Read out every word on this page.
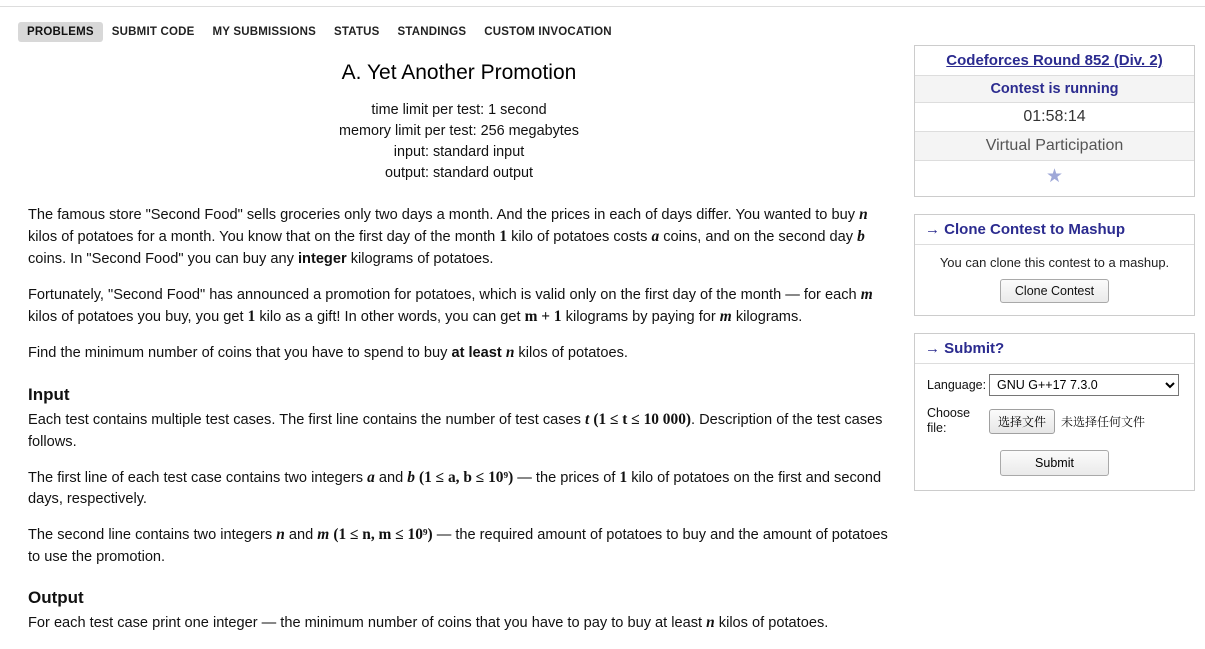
PROBLEMS	SUBMIT CODE	MY SUBMISSIONS	STATUS	STANDINGS	CUSTOM INVOCATION
A. Yet Another Promotion
time limit per test: 1 second
memory limit per test: 256 megabytes
input: standard input
output: standard output

The famous store "Second Food" sells groceries only two days a month. And the prices in each of days differ. You wanted to buy n kilos of potatoes for a month. You know that on the first day of the month 1 kilo of potatoes costs a coins, and on the second day b coins. In "Second Food" you can buy any integer kilograms of potatoes.

Fortunately, "Second Food" has announced a promotion for potatoes, which is valid only on the first day of the month — for each m kilos of potatoes you buy, you get 1 kilo as a gift! In other words, you can get m + 1 kilograms by paying for m kilograms.

Find the minimum number of coins that you have to spend to buy at least n kilos of potatoes.

Input

Each test contains multiple test cases. The first line contains the number of test cases t (1 ≤ t ≤ 10 000). Description of the test cases follows.

The first line of each test case contains two integers a and b (1 ≤ a, b ≤ 10⁹) — the prices of 1 kilo of potatoes on the first and second days, respectively.

The second line contains two integers n and m (1 ≤ n, m ≤ 10⁹) — the required amount of potatoes to buy and the amount of potatoes to use the promotion.

Output

For each test case print one integer — the minimum number of coins that you have to pay to buy at least n kilos of potatoes.

Codeforces Round 852 (Div. 2)
Contest is running
01:58:14
Virtual Participation
★
→ Clone Contest to Mashup
You can clone this contest to a mashup.
Clone Contest
→ Submit?
Language:
GNU G++17 7.3.0
Choose file:	选择文件	未选择任何文件
Submit
